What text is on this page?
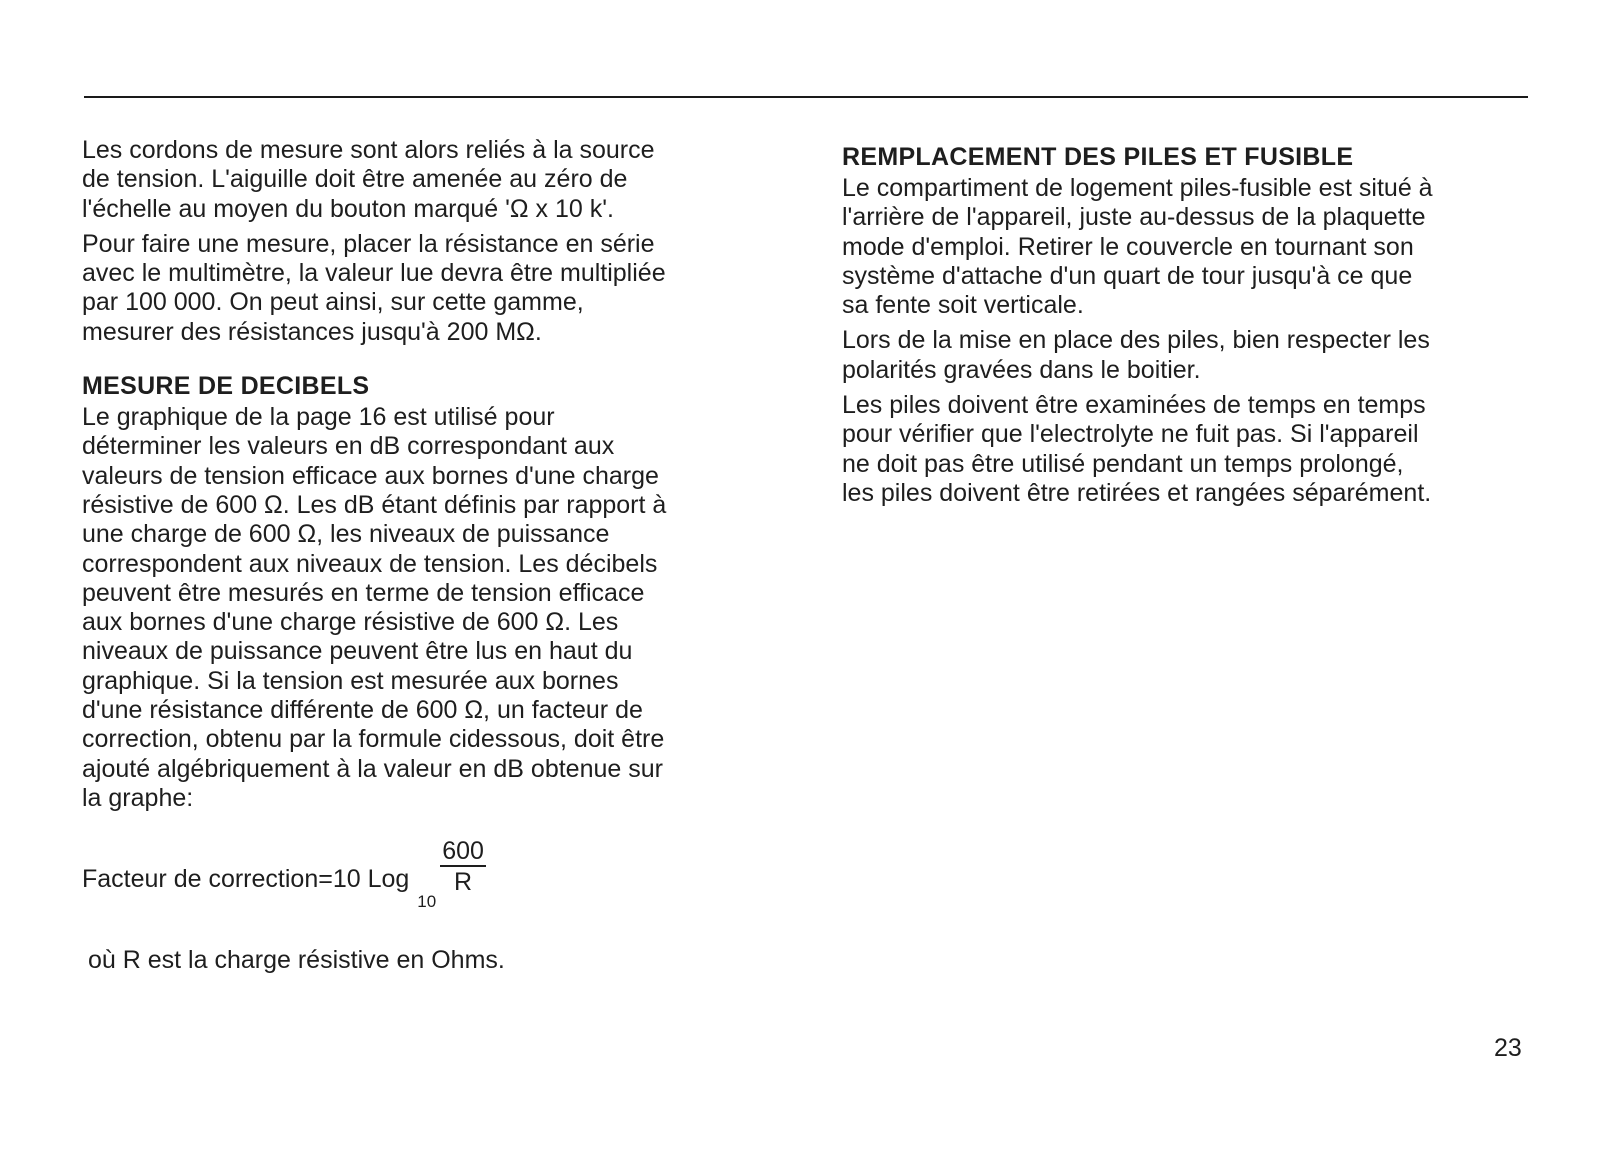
Les cordons de mesure sont alors reliés à la source
de tension. L'aiguille doit être amenée au zéro de
l'échelle au moyen du bouton marqué 'Ω x 10 k'.

Pour faire une mesure, placer la résistance en série
avec le multimètre, la valeur lue devra être multipliée
par 100 000. On peut ainsi, sur cette gamme,
mesurer des résistances jusqu'à 200 MΩ.

MESURE DE DECIBELS

Le graphique de la page 16 est utilisé pour
déterminer les valeurs en dB correspondant aux
valeurs de tension efficace aux bornes d'une charge
résistive de 600 Ω. Les dB étant définis par rapport à
une charge de 600 Ω, les niveaux de puissance
correspondent aux niveaux de tension. Les décibels
peuvent être mesurés en terme de tension efficace
aux bornes d'une charge résistive de 600 Ω. Les
niveaux de puissance peuvent être lus en haut du
graphique. Si la tension est mesurée aux bornes
d'une résistance différente de 600 Ω, un facteur de
correction, obtenu par la formule cidessous, doit être
ajouté algébriquement à la valeur en dB obtenue sur
la graphe:

Facteur de correction=10 Log
10
$\frac{600}{R}$
où R est la charge résistive en Ohms.
REMPLACEMENT DES PILES ET FUSIBLE

Le compartiment de logement piles-fusible est situé à
l'arrière de l'appareil, juste au-dessus de la plaquette
mode d'emploi. Retirer le couvercle en tournant son
système d'attache d'un quart de tour jusqu'à ce que
sa fente soit verticale.

Lors de la mise en place des piles, bien respecter les
polarités gravées dans le boitier.

Les piles doivent être examinées de temps en temps
pour vérifier que l'electrolyte ne fuit pas. Si l'appareil
ne doit pas être utilisé pendant un temps prolongé,
les piles doivent être retirées et rangées séparément.

23
